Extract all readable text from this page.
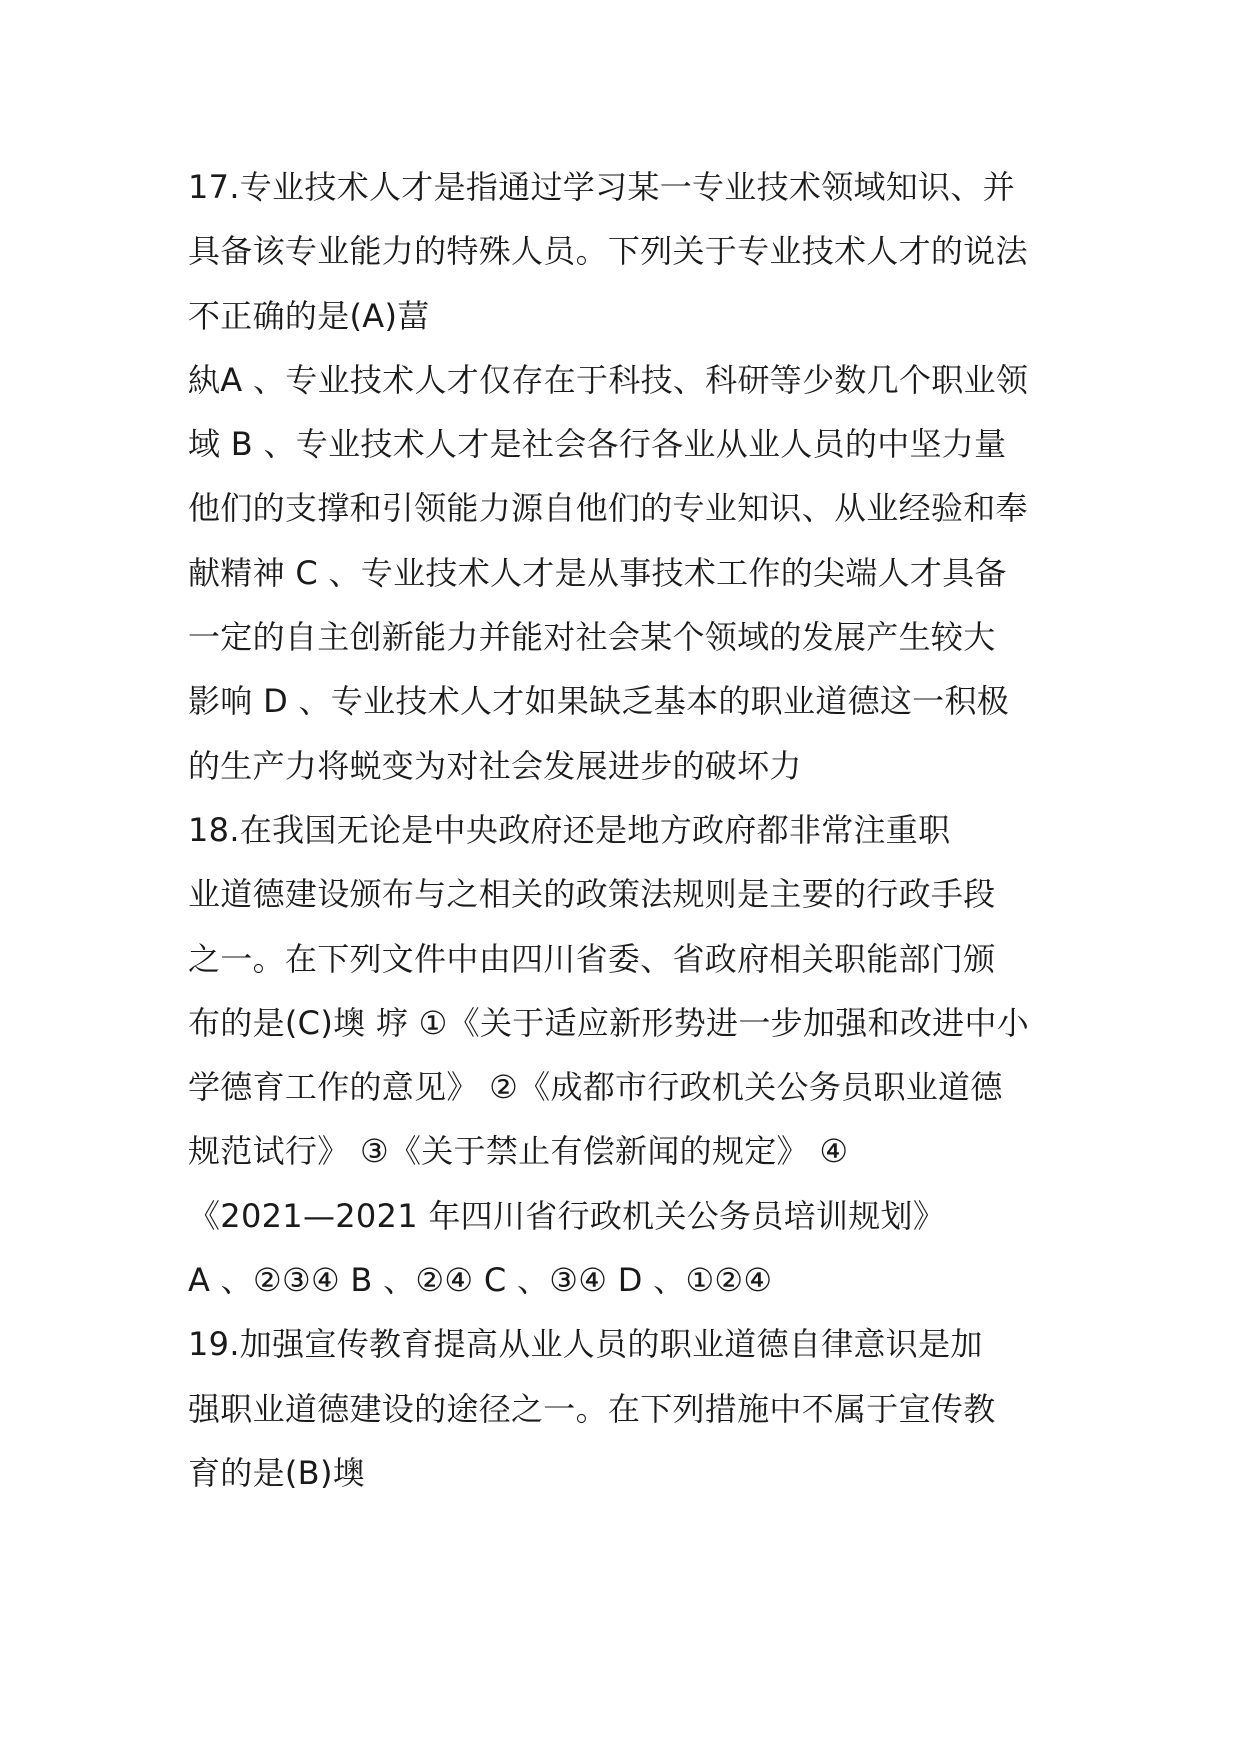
17.专业技术人才是指通过学习某一专业技术领域知识、并
具备该专业能力的特殊人员。下列关于专业技术人才的说法
不正确的是(A)葍
紈A 、专业技术人才仅存在于科技、科研等少数几个职业领
域 B 、专业技术人才是社会各行各业从业人员的中坚力量
他们的支撑和引领能力源自他们的专业知识、从业经验和奉
献精神 C 、专业技术人才是从事技术工作的尖端人才具备
一定的自主创新能力并能对社会某个领域的发展产生较大
影响 D 、专业技术人才如果缺乏基本的职业道德这一积极
的生产力将蜕变为对社会发展进步的破坏力
18.在我国无论是中央政府还是地方政府都非常注重职
业道德建设颁布与之相关的政策法规则是主要的行政手段
之一。在下列文件中由四川省委、省政府相关职能部门颁
布的是(C)墺 垿 ①《关于适应新形势进一步加强和改进中小
学德育工作的意见》 ②《成都市行政机关公务员职业道德
规范试行》 ③《关于禁止有偿新闻的规定》 ④
《2021—2021 年四川省行政机关公务员培训规划》
A 、②③④ B 、②④ C 、③④ D 、①②④
19.加强宣传教育提高从业人员的职业道德自律意识是加
强职业道德建设的途径之一。在下列措施中不属于宣传教
育的是(B)墺
